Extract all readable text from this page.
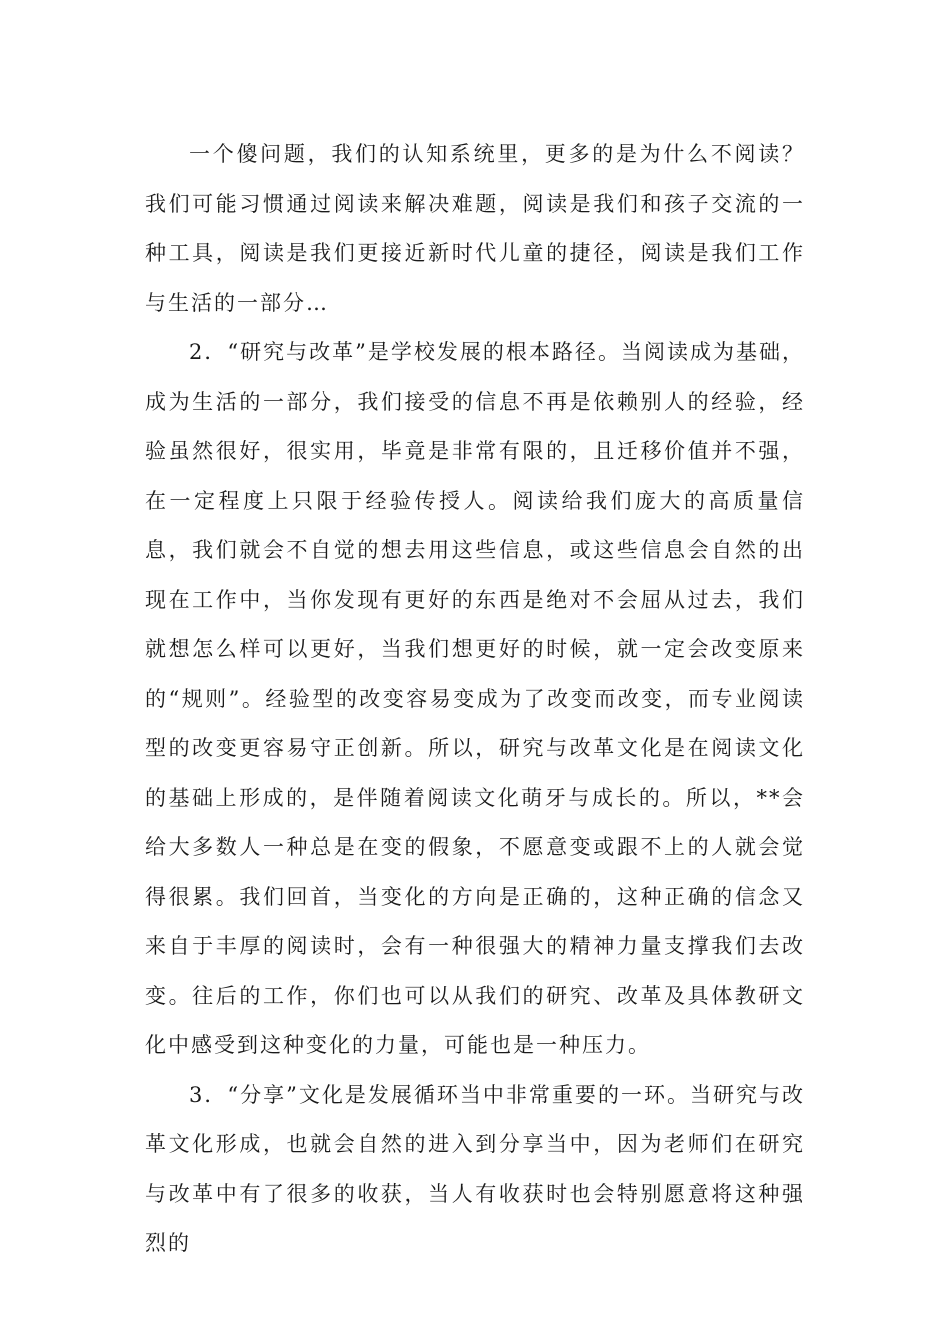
一个傻问题，我们的认知系统里，更多的是为什么不阅读？我们可能习惯通过阅读来解决难题，阅读是我们和孩子交流的一种工具，阅读是我们更接近新时代儿童的捷径，阅读是我们工作与生活的一部分…

2．“研究与改革”是学校发展的根本路径。当阅读成为基础，成为生活的一部分，我们接受的信息不再是依赖别人的经验，经验虽然很好，很实用，毕竟是非常有限的，且迁移价值并不强，在一定程度上只限于经验传授人。阅读给我们庞大的高质量信息，我们就会不自觉的想去用这些信息，或这些信息会自然的出现在工作中，当你发现有更好的东西是绝对不会屈从过去，我们就想怎么样可以更好，当我们想更好的时候，就一定会改变原来的“规则”。经验型的改变容易变成为了改变而改变，而专业阅读型的改变更容易守正创新。所以，研究与改革文化是在阅读文化的基础上形成的，是伴随着阅读文化萌牙与成长的。所以，**会给大多数人一种总是在变的假象，不愿意变或跟不上的人就会觉得很累。我们回首，当变化的方向是正确的，这种正确的信念又来自于丰厚的阅读时，会有一种很强大的精神力量支撑我们去改变。往后的工作，你们也可以从我们的研究、改革及具体教研文化中感受到这种变化的力量，可能也是一种压力。

3．“分享”文化是发展循环当中非常重要的一环。当研究与改革文化形成，也就会自然的进入到分享当中，因为老师们在研究与改革中有了很多的收获，当人有收获时也会特别愿意将这种强烈的
